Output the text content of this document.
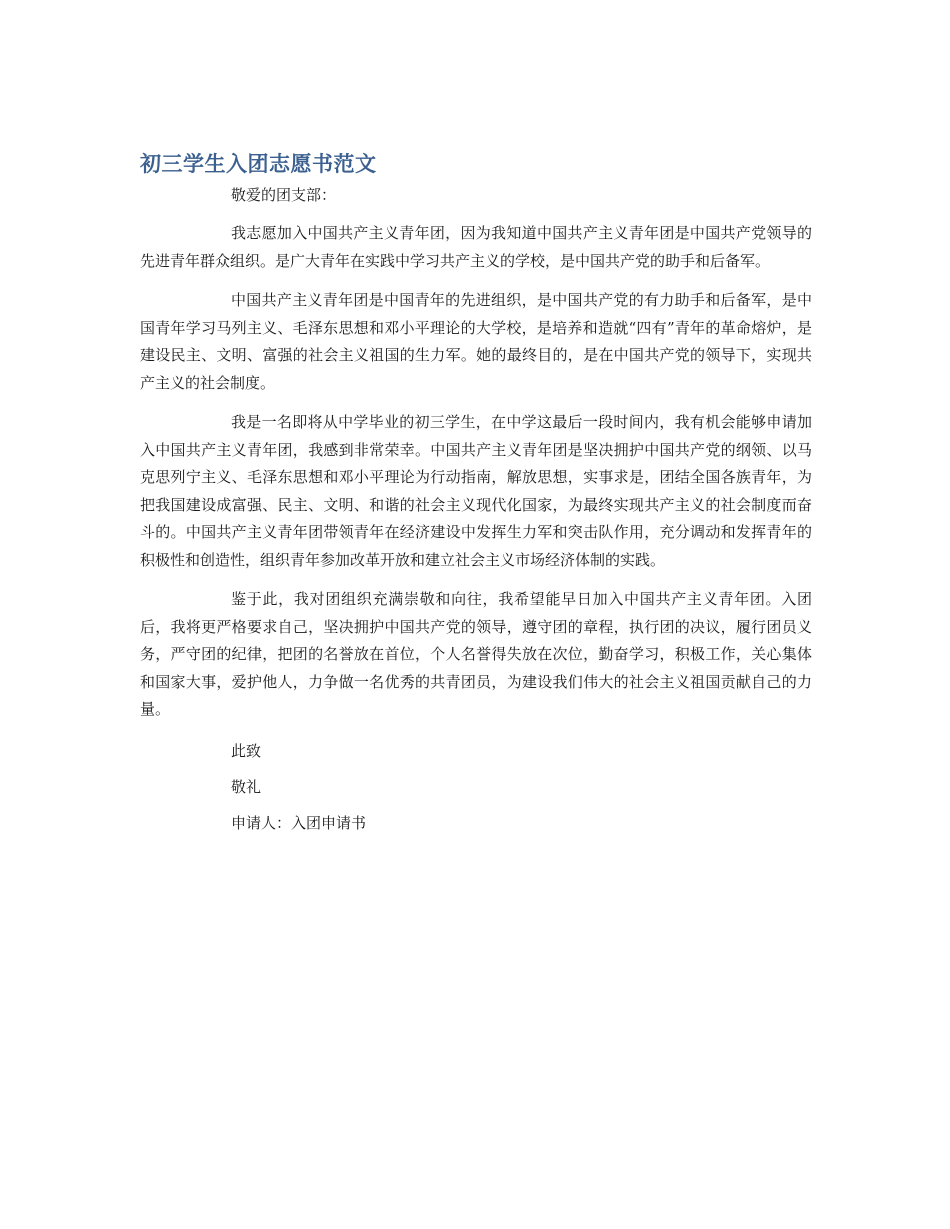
初三学生入团志愿书范文

敬爱的团支部：

我志愿加入中国共产主义青年团，因为我知道中国共产主义青年团是中国共产党领导的先进青年群众组织。是广大青年在实践中学习共产主义的学校，是中国共产党的助手和后备军。

中国共产主义青年团是中国青年的先进组织，是中国共产党的有力助手和后备军，是中国青年学习马列主义、毛泽东思想和邓小平理论的大学校，是培养和造就“四有”青年的革命熔炉，是建设民主、文明、富强的社会主义祖国的生力军。她的最终目的，是在中国共产党的领导下，实现共产主义的社会制度。

我是一名即将从中学毕业的初三学生，在中学这最后一段时间内，我有机会能够申请加入中国共产主义青年团，我感到非常荣幸。中国共产主义青年团是坚决拥护中国共产党的纲领、以马克思列宁主义、毛泽东思想和邓小平理论为行动指南，解放思想，实事求是，团结全国各族青年，为把我国建设成富强、民主、文明、和谐的社会主义现代化国家，为最终实现共产主义的社会制度而奋斗的。中国共产主义青年团带领青年在经济建设中发挥生力军和突击队作用，充分调动和发挥青年的积极性和创造性，组织青年参加改革开放和建立社会主义市场经济体制的实践。

鉴于此，我对团组织充满崇敬和向往，我希望能早日加入中国共产主义青年团。入团后，我将更严格要求自己，坚决拥护中国共产党的领导，遵守团的章程，执行团的决议，履行团员义务，严守团的纪律，把团的名誉放在首位，个人名誉得失放在次位，勤奋学习，积极工作，关心集体和国家大事，爱护他人，力争做一名优秀的共青团员，为建设我们伟大的社会主义祖国贡献自己的力量。

此致

敬礼

申请人：入团申请书
